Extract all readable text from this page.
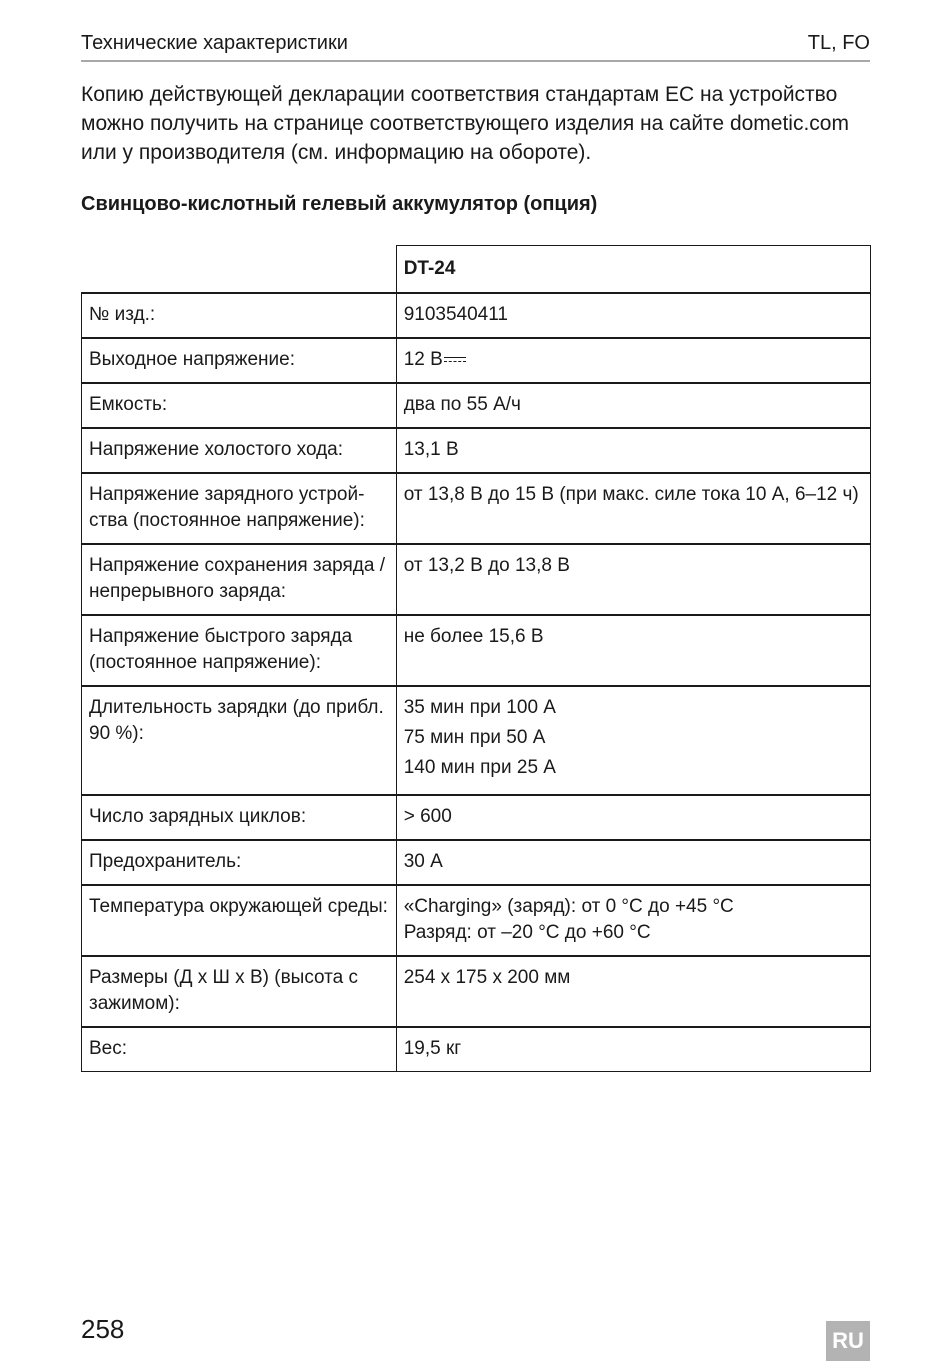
Технические характеристики	TL, FO

Копию действующей декларации соответствия стандартам ЕС на устройство можно получить на странице соответствующего изделия на сайте dometic.com или у производителя (см. информацию на обороте).

Свинцово-кислотный гелевый аккумулятор (опция)
	DT-24
№ изд.:	9103540411
Выходное напряжение:	12 В
Емкость:	два по 55 А/ч
Напряжение холостого хода:	13,1 В
Напряжение зарядного устрой-ства (постоянное напряжение):	от 13,8 В до 15 В (при макс. силе тока 10 А, 6–12 ч)
Напряжение сохранения заряда / непрерывного заряда:	от 13,2 В до 13,8 В
Напряжение быстрого заряда (постоянное напряжение):	не более 15,6 В
Длительность зарядки (до прибл. 90 %):	35 мин при 100 А
75 мин при 50 А
140 мин при 25 А

Число зарядных циклов:	> 600
Предохранитель:	30 А
Температура окружающей среды:	«Charging» (заряд): от 0 °C до +45 °C
Разряд: от –20 °C до +60 °C

Размеры (Д x Ш x В) (высота с зажимом):	254 x 175 x 200 мм
Вес:	19,5 кг
258	RU
